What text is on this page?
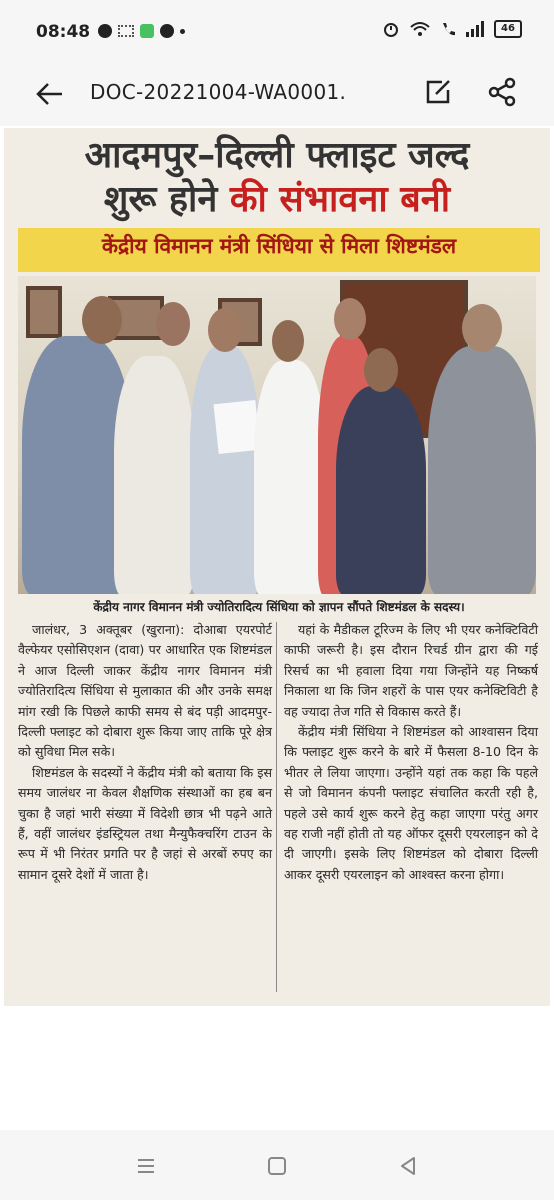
08:48	46
DOC-20221004-WA0001.
आदमपुर–दिल्ली फ्लाइट जल्द
शुरू होने की संभावना बनी
केंद्रीय विमानन मंत्री सिंधिया से मिला शिष्टमंडल
केंद्रीय नागर विमानन मंत्री ज्योतिरादित्य सिंधिया को ज्ञापन सौंपते शिष्टमंडल के सदस्य।

जालंधर, 3 अक्तूबर (खुराना): दोआबा एयरपोर्ट वैल्फेयर एसोसिएशन (दावा) पर आधारित एक शिष्टमंडल ने आज दिल्ली जाकर केंद्रीय नागर विमानन मंत्री ज्योतिरादित्य सिंधिया से मुलाकात की और उनके समक्ष मांग रखी कि पिछले काफी समय से बंद पड़ी आदमपुर-दिल्ली फ्लाइट को दोबारा शुरू किया जाए ताकि पूरे क्षेत्र को सुविधा मिल सके।

शिष्टमंडल के सदस्यों ने केंद्रीय मंत्री को बताया कि इस समय जालंधर ना केवल शैक्षणिक संस्थाओं का हब बन चुका है जहां भारी संख्या में विदेशी छात्र भी पढ़ने आते हैं, वहीं जालंधर इंडस्ट्रियल तथा मैन्युफैक्चरिंग टाउन के रूप में भी निरंतर प्रगति पर है जहां से अरबों रुपए का सामान दूसरे देशों में जाता है।

यहां के मैडीकल टूरिज्म के लिए भी एयर कनेक्टिविटी काफी जरूरी है। इस दौरान रिचर्ड ग्रीन द्वारा की गई रिसर्च का भी हवाला दिया गया जिन्होंने यह निष्कर्ष निकाला था कि जिन शहरों के पास एयर कनेक्टिविटी है वह ज्यादा तेज गति से विकास करते हैं।

केंद्रीय मंत्री सिंधिया ने शिष्टमंडल को आश्वासन दिया कि फ्लाइट शुरू करने के बारे में फैसला 8-10 दिन के भीतर ले लिया जाएगा। उन्होंने यहां तक कहा कि पहले से जो विमानन कंपनी फ्लाइट संचालित करती रही है, पहले उसे कार्य शुरू करने हेतु कहा जाएगा परंतु अगर वह राजी नहीं होती तो यह ऑफर दूसरी एयरलाइन को दे दी जाएगी। इसके लिए शिष्टमंडल को दोबारा दिल्ली आकर दूसरी एयरलाइन को आश्वस्त करना होगा।
